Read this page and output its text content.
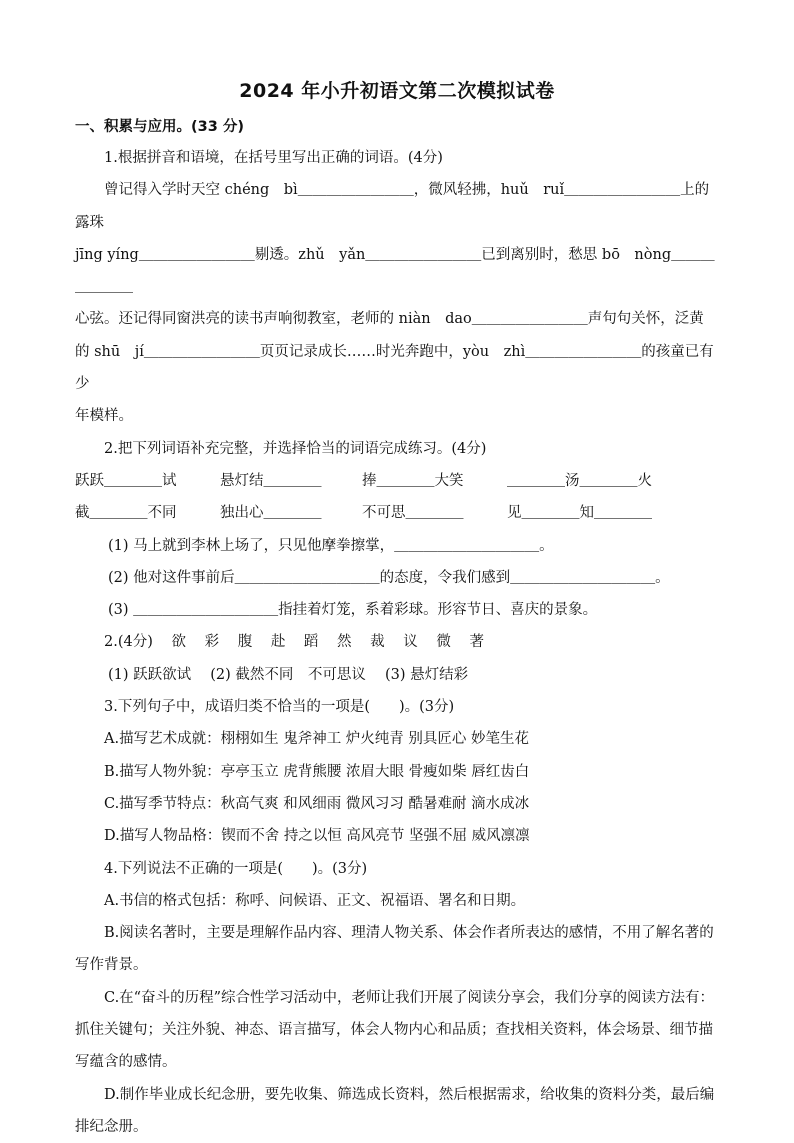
2024 年小升初语文第二次模拟试卷
一、积累与应用。(33 分)

1.根据拼音和语境，在括号里写出正确的词语。(4分)

曾记得入学时天空 chéng　bì＿＿＿＿＿＿＿＿，微风轻拂，huǔ　ruǐ＿＿＿＿＿＿＿＿上的露珠

jīng yíng＿＿＿＿＿＿＿＿剔透。zhǔ　yǎn＿＿＿＿＿＿＿＿已到离别时，愁思 bō　nòng＿＿＿＿＿＿＿

心弦。还记得同窗洪亮的读书声响彻教室，老师的 niàn　dao＿＿＿＿＿＿＿＿声句句关怀，泛黄

的 shū　jí＿＿＿＿＿＿＿＿页页记录成长……时光奔跑中，yòu　zhì＿＿＿＿＿＿＿＿的孩童已有少

年模样。

2.把下列词语补充完整，并选择恰当的词语完成练习。(4分)

跃跃＿＿＿＿试	悬灯结＿＿＿＿	捧＿＿＿＿大笑	＿＿＿＿汤＿＿＿＿火
截＿＿＿＿不同	独出心＿＿＿＿	不可思＿＿＿＿	见＿＿＿＿知＿＿＿＿

(1) 马上就到李林上场了，只见他摩拳擦掌，＿＿＿＿＿＿＿＿＿＿。

(2) 他对这件事前后＿＿＿＿＿＿＿＿＿＿的态度，令我们感到＿＿＿＿＿＿＿＿＿＿。

(3) ＿＿＿＿＿＿＿＿＿＿指挂着灯笼，系着彩球。形容节日、喜庆的景象。

2.(4分) 欲 彩 腹 赴 蹈 然 裁 议 微 著

(1) 跃跃欲试　 (2) 截然不同　不可思议　 (3) 悬灯结彩

3.下列句子中，成语归类不恰当的一项是(　　)。(3分)

A.描写艺术成就：栩栩如生 鬼斧神工 炉火纯青 别具匠心 妙笔生花

B.描写人物外貌：亭亭玉立 虎背熊腰 浓眉大眼 骨瘦如柴 唇红齿白

C.描写季节特点：秋高气爽 和风细雨 微风习习 酷暑难耐 滴水成冰

D.描写人物品格：锲而不舍 持之以恒 高风亮节 坚强不屈 威风凛凛

4.下列说法不正确的一项是(　　)。(3分)

A.书信的格式包括：称呼、问候语、正文、祝福语、署名和日期。

B.阅读名著时，主要是理解作品内容、理清人物关系、体会作者所表达的感情，不用了解名著的写作背景。

C.在“奋斗的历程”综合性学习活动中，老师让我们开展了阅读分享会，我们分享的阅读方法有：抓住关键句；关注外貌、神态、语言描写，体会人物内心和品质；查找相关资料，体会场景、细节描写蕴含的感情。

D.制作毕业成长纪念册，要先收集、筛选成长资料，然后根据需求，给收集的资料分类，最后编排纪念册。
